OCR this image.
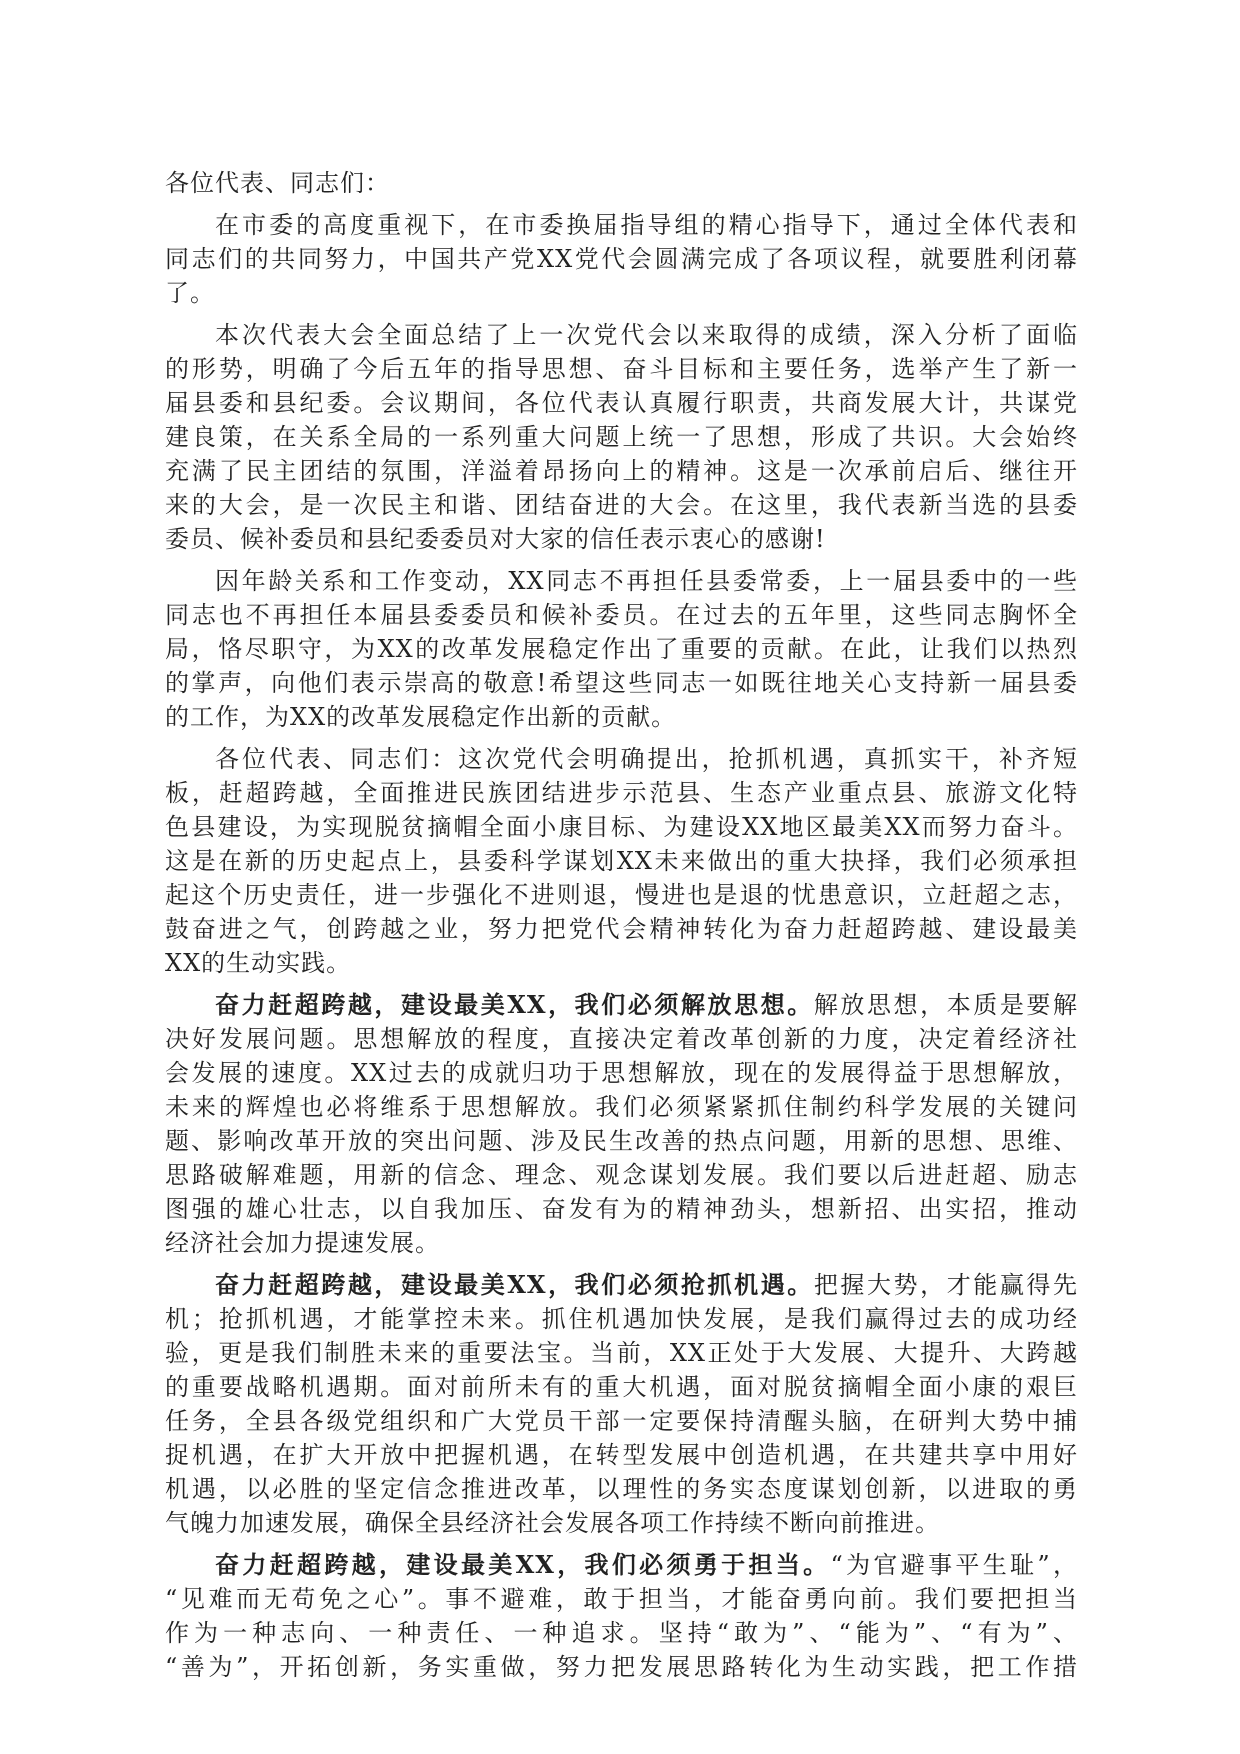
各位代表、同志们：
在市委的高度重视下，在市委换届指导组的精心指导下，通过全体代表和
同志们的共同努力，中国共产党XX党代会圆满完成了各项议程，就要胜利闭幕
了。
本次代表大会全面总结了上一次党代会以来取得的成绩，深入分析了面临
的形势，明确了今后五年的指导思想、奋斗目标和主要任务，选举产生了新一
届县委和县纪委。会议期间，各位代表认真履行职责，共商发展大计，共谋党
建良策，在关系全局的一系列重大问题上统一了思想，形成了共识。大会始终
充满了民主团结的氛围，洋溢着昂扬向上的精神。这是一次承前启后、继往开
来的大会，是一次民主和谐、团结奋进的大会。在这里，我代表新当选的县委
委员、候补委员和县纪委委员对大家的信任表示衷心的感谢!
因年龄关系和工作变动，XX同志不再担任县委常委，上一届县委中的一些
同志也不再担任本届县委委员和候补委员。在过去的五年里，这些同志胸怀全
局，恪尽职守，为XX的改革发展稳定作出了重要的贡献。在此，让我们以热烈
的掌声，向他们表示崇高的敬意!希望这些同志一如既往地关心支持新一届县委
的工作，为XX的改革发展稳定作出新的贡献。
各位代表、同志们：这次党代会明确提出，抢抓机遇，真抓实干，补齐短
板，赶超跨越，全面推进民族团结进步示范县、生态产业重点县、旅游文化特
色县建设，为实现脱贫摘帽全面小康目标、为建设XX地区最美XX而努力奋斗。
这是在新的历史起点上，县委科学谋划XX未来做出的重大抉择，我们必须承担
起这个历史责任，进一步强化不进则退，慢进也是退的忧患意识，立赶超之志，
鼓奋进之气，创跨越之业，努力把党代会精神转化为奋力赶超跨越、建设最美
XX的生动实践。
奋力赶超跨越，建设最美XX，我们必须解放思想。解放思想，本质是要解
决好发展问题。思想解放的程度，直接决定着改革创新的力度，决定着经济社
会发展的速度。XX过去的成就归功于思想解放，现在的发展得益于思想解放，
未来的辉煌也必将维系于思想解放。我们必须紧紧抓住制约科学发展的关键问
题、影响改革开放的突出问题、涉及民生改善的热点问题，用新的思想、思维、
思路破解难题，用新的信念、理念、观念谋划发展。我们要以后进赶超、励志
图强的雄心壮志，以自我加压、奋发有为的精神劲头，想新招、出实招，推动
经济社会加力提速发展。
奋力赶超跨越，建设最美XX，我们必须抢抓机遇。把握大势，才能赢得先
机；抢抓机遇，才能掌控未来。抓住机遇加快发展，是我们赢得过去的成功经
验，更是我们制胜未来的重要法宝。当前，XX正处于大发展、大提升、大跨越
的重要战略机遇期。面对前所未有的重大机遇，面对脱贫摘帽全面小康的艰巨
任务，全县各级党组织和广大党员干部一定要保持清醒头脑，在研判大势中捕
捉机遇，在扩大开放中把握机遇，在转型发展中创造机遇，在共建共享中用好
机遇，以必胜的坚定信念推进改革，以理性的务实态度谋划创新，以进取的勇
气魄力加速发展，确保全县经济社会发展各项工作持续不断向前推进。
奋力赶超跨越，建设最美XX，我们必须勇于担当。“为官避事平生耻”，
“见难而无苟免之心”。事不避难，敢于担当，才能奋勇向前。我们要把担当
作为一种志向、一种责任、一种追求。坚持“敢为”、“能为”、“有为”、
“善为”，开拓创新，务实重做，努力把发展思路转化为生动实践，把工作措
